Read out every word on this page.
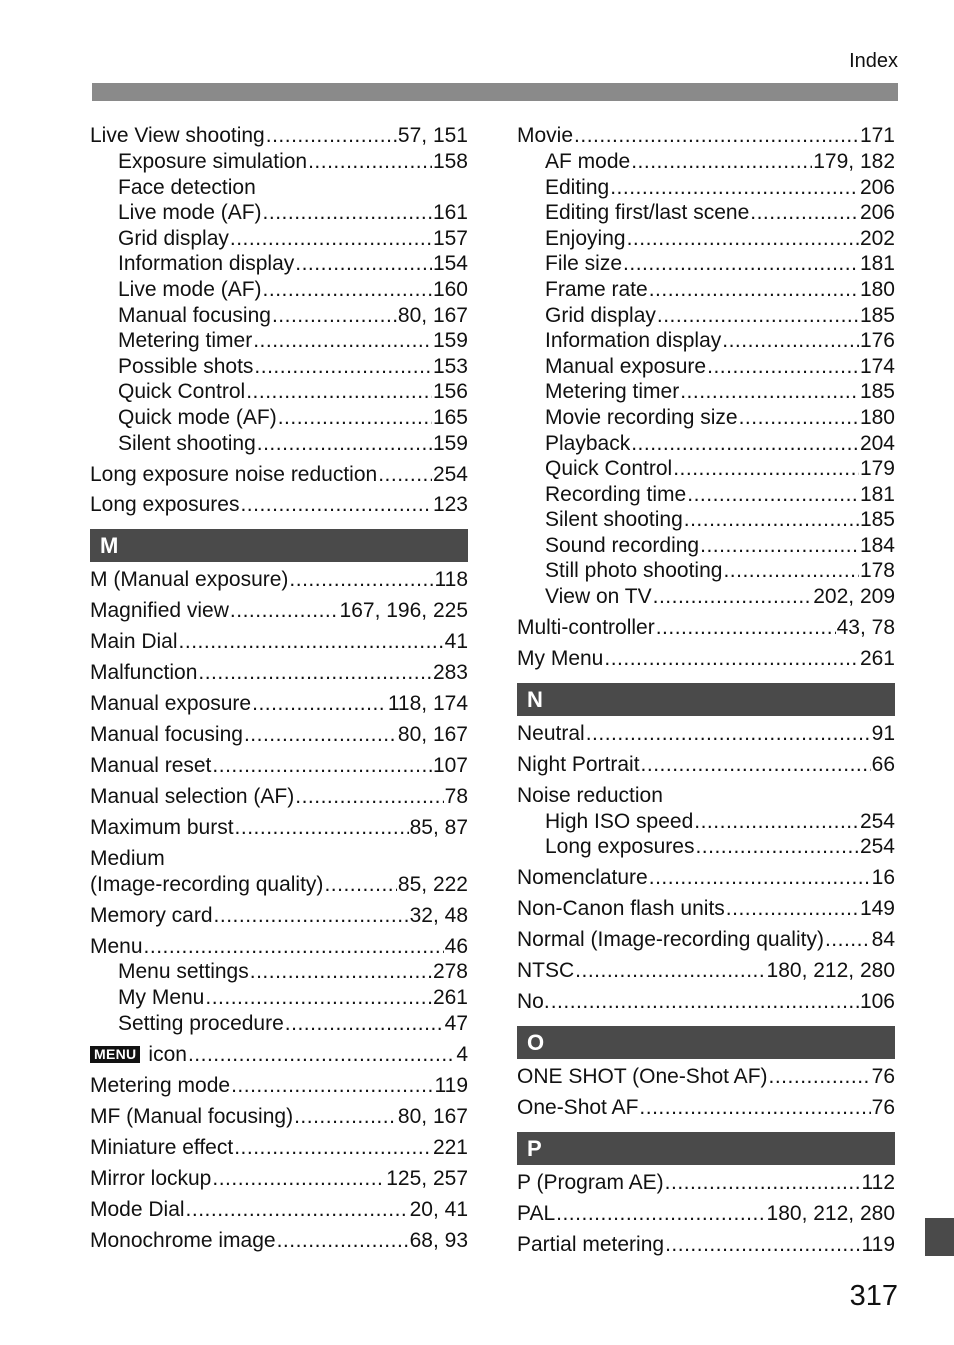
Index
Live View shooting .....	57, 151
Exposure simulation .....	158
Face detection
Live mode (AF) .....	161
Grid display .....	157
Information display .....	154
Live mode (AF) .....	160
Manual focusing .....	80, 167
Metering timer .....	159
Possible shots .....	153
Quick Control .....	156
Quick mode (AF) .....	165
Silent shooting .....	159
Long exposure noise reduction .....	254
Long exposures .....	123
M
M (Manual exposure) .....	118
Magnified view .....	167, 196, 225
Main Dial .....	41
Malfunction .....	283
Manual exposure .....	118, 174
Manual focusing .....	80, 167
Manual reset .....	107
Manual selection (AF) .....	78
Maximum burst .....	85, 87
Medium
(Image-recording quality) .....	85, 222
Memory card .....	32, 48
Menu .....	46
Menu settings .....	278
My Menu .....	261
Setting procedure .....	47
MENU icon .....	4
Metering mode .....	119
MF (Manual focusing) .....	80, 167
Miniature effect .....	221
Mirror lockup .....	125, 257
Mode Dial .....	20, 41
Monochrome image .....	68, 93
Movie .....	171
AF mode .....	179, 182
Editing .....	206
Editing first/last scene .....	206
Enjoying .....	202
File size .....	181
Frame rate .....	180
Grid display .....	185
Information display .....	176
Manual exposure .....	174
Metering timer .....	185
Movie recording size .....	180
Playback .....	204
Quick Control .....	179
Recording time .....	181
Silent shooting .....	185
Sound recording .....	184
Still photo shooting .....	178
View on TV .....	202, 209
Multi-controller .....	43, 78
My Menu .....	261
N
Neutral .....	91
Night Portrait .....	66
Noise reduction
High ISO speed .....	254
Long exposures .....	254
Nomenclature .....	16
Non-Canon flash units .....	149
Normal (Image-recording quality) ..... 84
NTSC .....	180, 212, 280
No. .....	106
O
ONE SHOT (One-Shot AF) .....	76
One-Shot AF .....	76
P
P (Program AE) .....	112
PAL .....	180, 212, 280
Partial metering .....	119
317
